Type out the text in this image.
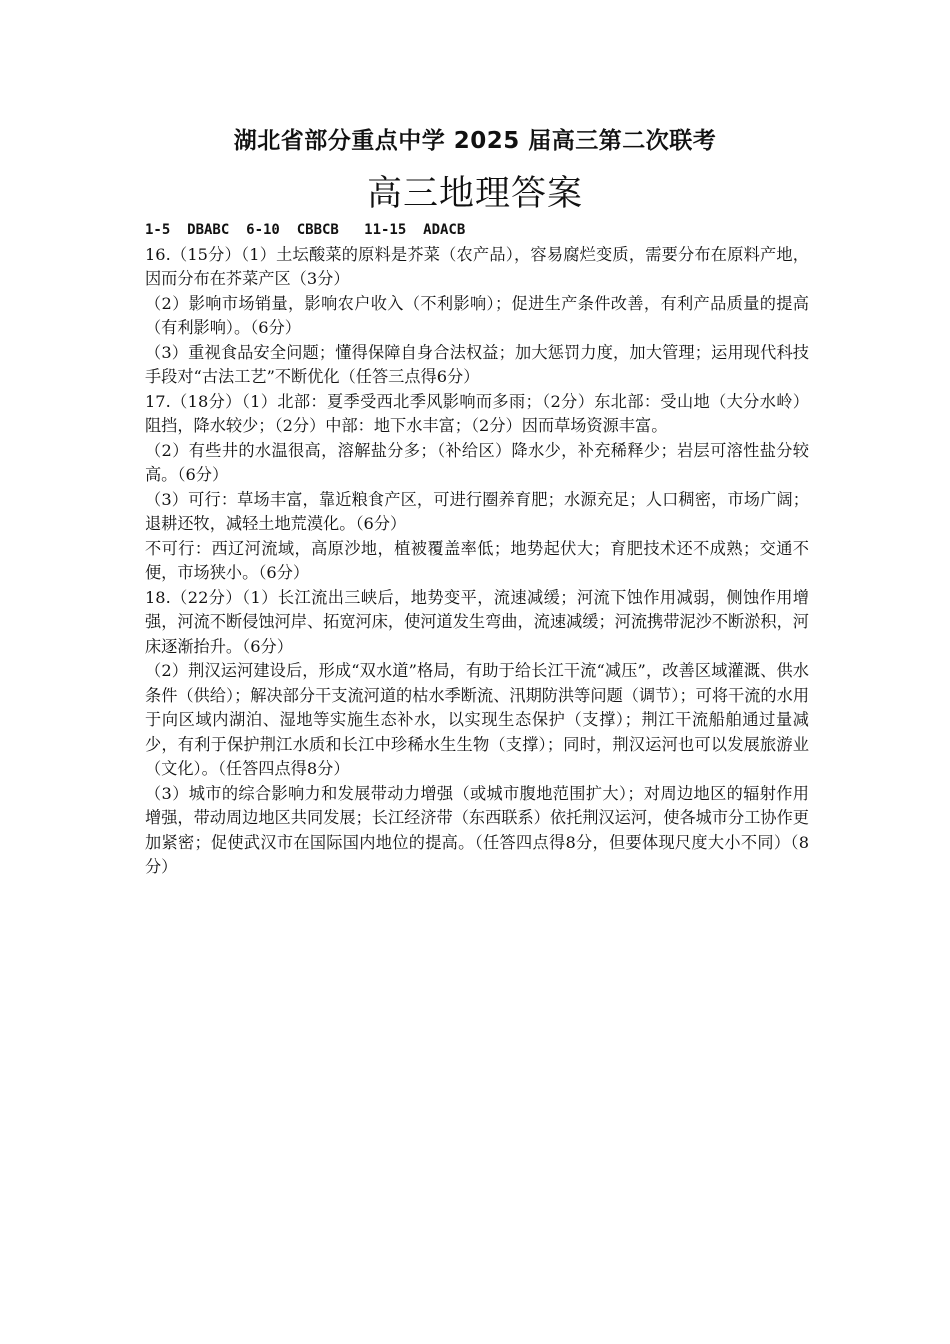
湖北省部分重点中学 2025 届高三第二次联考
高三地理答案
1-5  DBABC  6-10  CBBCB   11-15  ADACB

16.（15分）（1）土坛酸菜的原料是芥菜（农产品），容易腐烂变质，需要分布在原料产地，因而分布在芥菜产区（3分）

（2）影响市场销量，影响农户收入（不利影响）；促进生产条件改善，有利产品质量的提高（有利影响）。（6分）

（3）重视食品安全问题；懂得保障自身合法权益；加大惩罚力度，加大管理；运用现代科技手段对“古法工艺”不断优化（任答三点得6分）

17.（18分）（1）北部：夏季受西北季风影响而多雨；（2分）东北部：受山地（大分水岭）阻挡，降水较少；（2分）中部：地下水丰富；（2分）因而草场资源丰富。

（2）有些井的水温很高，溶解盐分多；（补给区）降水少，补充稀释少；岩层可溶性盐分较高。（6分）

（3）可行：草场丰富，靠近粮食产区，可进行圈养育肥；水源充足；人口稠密，市场广阔；退耕还牧，减轻土地荒漠化。（6分）

不可行：西辽河流域，高原沙地，植被覆盖率低；地势起伏大；育肥技术还不成熟；交通不便，市场狭小。（6分）

18.（22分）（1）长江流出三峡后，地势变平，流速减缓；河流下蚀作用减弱，侧蚀作用增强，河流不断侵蚀河岸、拓宽河床，使河道发生弯曲，流速减缓；河流携带泥沙不断淤积，河床逐渐抬升。（6分）

（2）荆汉运河建设后，形成“双水道”格局，有助于给长江干流“减压”，改善区域灌溉、供水条件（供给）；解决部分干支流河道的枯水季断流、汛期防洪等问题（调节）；可将干流的水用于向区域内湖泊、湿地等实施生态补水，以实现生态保护（支撑）；荆江干流船舶通过量减少，有利于保护荆江水质和长江中珍稀水生生物（支撑）；同时，荆汉运河也可以发展旅游业（文化）。（任答四点得8分）

（3）城市的综合影响力和发展带动力增强（或城市腹地范围扩大）；对周边地区的辐射作用增强，带动周边地区共同发展；长江经济带（东西联系）依托荆汉运河，使各城市分工协作更加紧密；促使武汉市在国际国内地位的提高。（任答四点得8分，但要体现尺度大小不同）（8分）
